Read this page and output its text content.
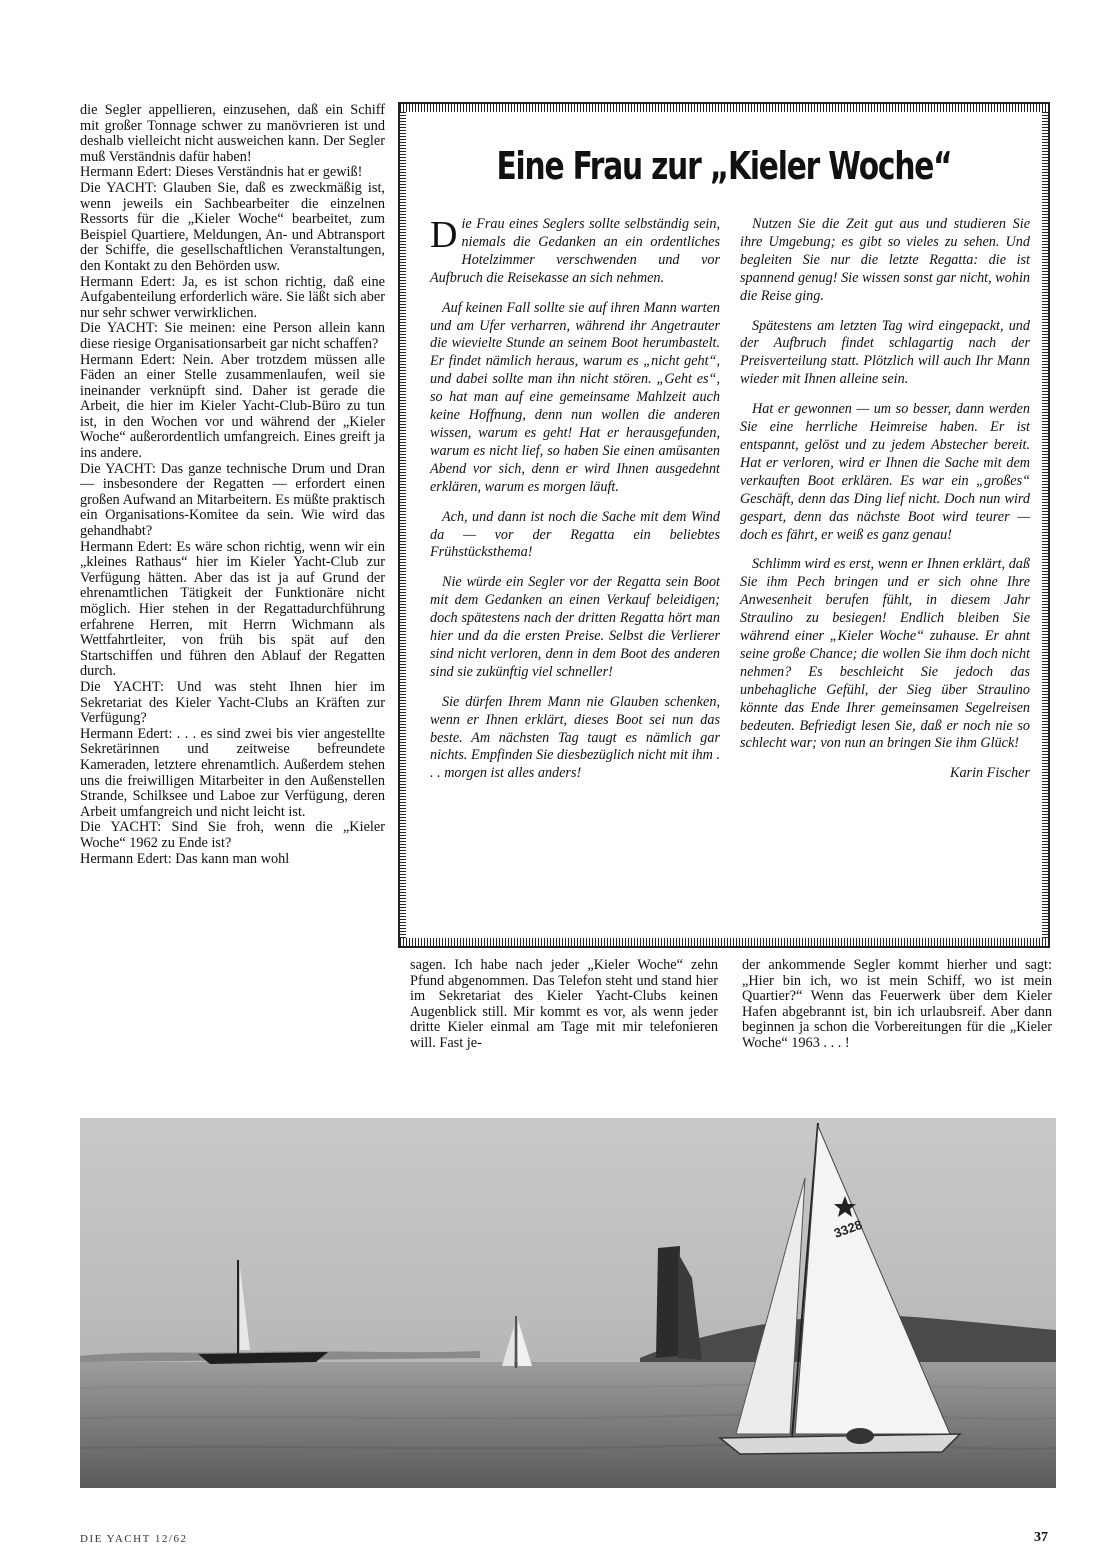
die Segler appellieren, einzusehen, daß ein Schiff mit großer Tonnage schwer zu manövrieren ist und deshalb vielleicht nicht ausweichen kann. Der Segler muß Verständnis dafür haben!

Hermann Edert: Dieses Verständnis hat er gewiß!

Die YACHT: Glauben Sie, daß es zweckmäßig ist, wenn jeweils ein Sachbearbeiter die einzelnen Ressorts für die „Kieler Woche“ bearbeitet, zum Beispiel Quartiere, Meldungen, An- und Abtransport der Schiffe, die gesellschaftlichen Veranstaltungen, den Kontakt zu den Behörden usw.

Hermann Edert: Ja, es ist schon richtig, daß eine Aufgabenteilung erforderlich wäre. Sie läßt sich aber nur sehr schwer verwirklichen.

Die YACHT: Sie meinen: eine Person allein kann diese riesige Organisationsarbeit gar nicht schaffen?

Hermann Edert: Nein. Aber trotzdem müssen alle Fäden an einer Stelle zusammenlaufen, weil sie ineinander verknüpft sind. Daher ist gerade die Arbeit, die hier im Kieler Yacht-Club-Büro zu tun ist, in den Wochen vor und während der „Kieler Woche“ außerordentlich umfangreich. Eines greift ja ins andere.

Die YACHT: Das ganze technische Drum und Dran — insbesondere der Regatten — erfordert einen großen Aufwand an Mitarbeitern. Es müßte praktisch ein Organisations-Komitee da sein. Wie wird das gehandhabt?

Hermann Edert: Es wäre schon richtig, wenn wir ein „kleines Rathaus“ hier im Kieler Yacht-Club zur Verfügung hätten. Aber das ist ja auf Grund der ehrenamtlichen Tätigkeit der Funktionäre nicht möglich. Hier stehen in der Regattadurchführung erfahrene Herren, mit Herrn Wichmann als Wettfahrtleiter, von früh bis spät auf den Startschiffen und führen den Ablauf der Regatten durch.

Die YACHT: Und was steht Ihnen hier im Sekretariat des Kieler Yacht-Clubs an Kräften zur Verfügung?

Hermann Edert: . . . es sind zwei bis vier angestellte Sekretärinnen und zeitweise befreundete Kameraden, letztere ehrenamtlich. Außerdem stehen uns die freiwilligen Mitarbeiter in den Außenstellen Strande, Schilksee und Laboe zur Verfügung, deren Arbeit umfangreich und nicht leicht ist.

Die YACHT: Sind Sie froh, wenn die „Kieler Woche“ 1962 zu Ende ist?

Hermann Edert: Das kann man wohl

Eine Frau zur „Kieler Woche“

Die Frau eines Seglers sollte selbständig sein, niemals die Gedanken an ein ordentliches Hotelzimmer verschwenden und vor Aufbruch die Reisekasse an sich nehmen.

Auf keinen Fall sollte sie auf ihren Mann warten und am Ufer verharren, während ihr Angetrauter die wievielte Stunde an seinem Boot herumbastelt. Er findet nämlich heraus, warum es „nicht geht“, und dabei sollte man ihn nicht stören. „Geht es“, so hat man auf eine gemeinsame Mahlzeit auch keine Hoffnung, denn nun wollen die anderen wissen, warum es geht! Hat er herausgefunden, warum es nicht lief, so haben Sie einen amüsanten Abend vor sich, denn er wird Ihnen ausgedehnt erklären, warum es morgen läuft.

Ach, und dann ist noch die Sache mit dem Wind da — vor der Regatta ein beliebtes Frühstücksthema!

Nie würde ein Segler vor der Regatta sein Boot mit dem Gedanken an einen Verkauf beleidigen; doch spätestens nach der dritten Regatta hört man hier und da die ersten Preise. Selbst die Verlierer sind nicht verloren, denn in dem Boot des anderen sind sie zukünftig viel schneller!

Sie dürfen Ihrem Mann nie Glauben schenken, wenn er Ihnen erklärt, dieses Boot sei nun das beste. Am nächsten Tag taugt es nämlich gar nichts. Empfinden Sie diesbezüglich nicht mit ihm . . . morgen ist alles anders!

Nutzen Sie die Zeit gut aus und studieren Sie ihre Umgebung; es gibt so vieles zu sehen. Und begleiten Sie nur die letzte Regatta: die ist spannend genug! Sie wissen sonst gar nicht, wohin die Reise ging.

Spätestens am letzten Tag wird eingepackt, und der Aufbruch findet schlagartig nach der Preisverteilung statt. Plötzlich will auch Ihr Mann wieder mit Ihnen alleine sein.

Hat er gewonnen — um so besser, dann werden Sie eine herrliche Heimreise haben. Er ist entspannt, gelöst und zu jedem Abstecher bereit. Hat er verloren, wird er Ihnen die Sache mit dem verkauften Boot erklären. Es war ein „großes“ Geschäft, denn das Ding lief nicht. Doch nun wird gespart, denn das nächste Boot wird teurer — doch es fährt, er weiß es ganz genau!

Schlimm wird es erst, wenn er Ihnen erklärt, daß Sie ihm Pech bringen und er sich ohne Ihre Anwesenheit berufen fühlt, in diesem Jahr Straulino zu besiegen! Endlich bleiben Sie während einer „Kieler Woche“ zuhause. Er ahnt seine große Chance; die wollen Sie ihm doch nicht nehmen? Es beschleicht Sie jedoch das unbehagliche Gefühl, der Sieg über Straulino könnte das Ende Ihrer gemeinsamen Segelreisen bedeuten. Befriedigt lesen Sie, daß er noch nie so schlecht war; von nun an bringen Sie ihm Glück!

Karin Fischer

sagen. Ich habe nach jeder „Kieler Woche“ zehn Pfund abgenommen. Das Telefon steht und stand hier im Sekretariat des Kieler Yacht-Clubs keinen Augenblick still. Mir kommt es vor, als wenn jeder dritte Kieler einmal am Tage mit mir telefonieren will. Fast je-

der ankommende Segler kommt hierher und sagt: „Hier bin ich, wo ist mein Schiff, wo ist mein Quartier?“ Wenn das Feuerwerk über dem Kieler Hafen abgebrannt ist, bin ich urlaubsreif. Aber dann beginnen ja schon die Vorbereitungen für die „Kieler Woche“ 1963 . . . !

3328
DIE YACHT 12/62	37
